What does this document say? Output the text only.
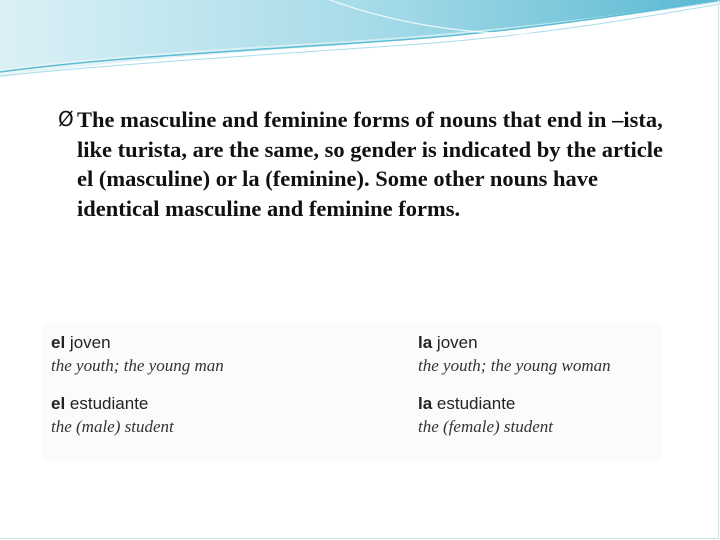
Ø The masculine and feminine forms of nouns that end in –ista, like turista, are the same, so gender is indicated by the article el (masculine) or la (feminine). Some other nouns have identical masculine and feminine forms.
el joven
the youth; the young man
la joven
the youth; the young woman
el estudiante
the (male) student
la estudiante
the (female) student
